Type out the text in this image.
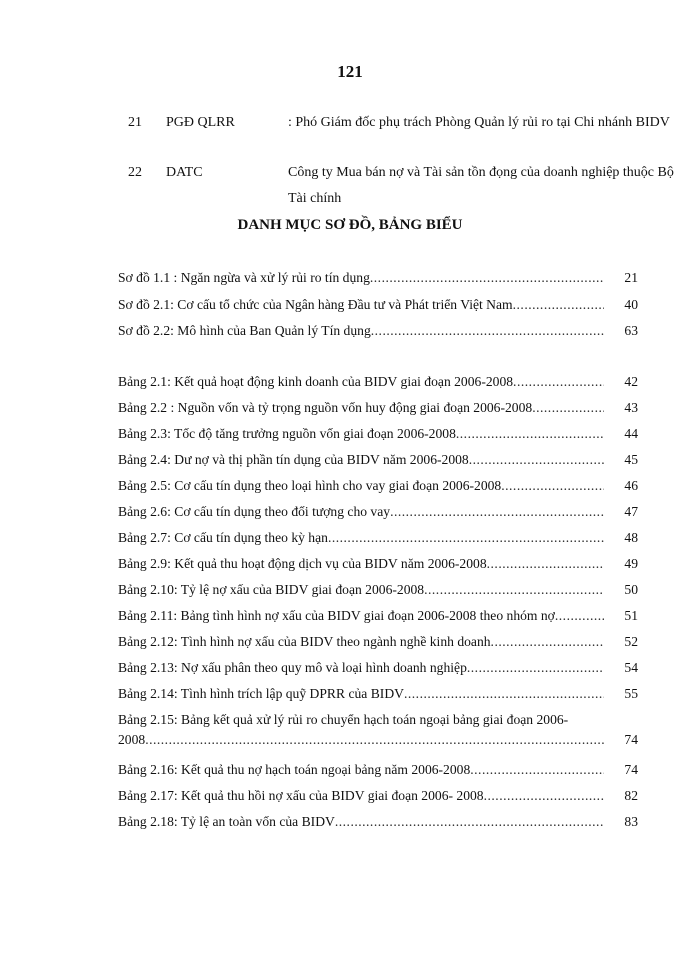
121
21 PGĐ QLRR	: Phó Giám đốc phụ trách Phòng Quản lý rủi ro tại Chi nhánh BIDV
22 DATC	Công ty Mua bán nợ và Tài sản tồn đọng của doanh nghiệp thuộc Bộ Tài chính
DANH MỤC SƠ ĐỒ, BẢNG BIỂU
Sơ đồ 1.1 : Ngăn ngừa và xử lý rủi ro tín dụng .....	21
Sơ đồ 2.1: Cơ cấu tổ chức của Ngân hàng Đầu tư và Phát triển Việt Nam .....	40
Sơ đồ 2.2: Mô hình của Ban Quản lý Tín dụng .....	63
Bảng 2.1: Kết quả hoạt động kinh doanh của BIDV giai đoạn 2006-2008 .....	42
Bảng 2.2 : Nguồn vốn và tỷ trọng nguồn vốn huy động giai đoạn 2006-2008 .....	43
Bảng 2.3: Tốc độ tăng trưởng nguồn vốn giai đoạn 2006-2008 .....	44
Bảng 2.4: Dư nợ và thị phần tín dụng của BIDV năm 2006-2008 .....	45
Bảng 2.5: Cơ cấu tín dụng theo loại hình cho vay giai đoạn 2006-2008 .....	46
Bảng 2.6: Cơ cấu tín dụng theo đối tượng cho vay .....	47
Bảng 2.7: Cơ cấu tín dụng theo kỳ hạn .....	48
Bảng 2.9: Kết quả thu hoạt động dịch vụ của BIDV năm 2006-2008 .....	49
Bảng 2.10: Tỷ lệ nợ xấu của BIDV giai đoạn 2006-2008 .....	50
Bảng 2.11: Bảng tình hình nợ xấu của BIDV giai đoạn 2006-2008 theo nhóm nợ .....	51
Bảng 2.12: Tình hình nợ xấu của BIDV theo ngành nghề kinh doanh .....	52
Bảng 2.13: Nợ xấu phân theo quy mô và loại hình doanh nghiệp .....	54
Bảng 2.14: Tình hình trích lập quỹ DPRR của BIDV .....	55
Bảng 2.15: Bảng kết quả xử lý rủi ro chuyển hạch toán ngoại bảng giai đoạn 2006-
2008 .....	74
Bảng 2.16: Kết quả thu nợ hạch toán ngoại bảng năm 2006-2008 .....	74
Bảng 2.17: Kết quả thu hồi nợ xấu của BIDV giai đoạn 2006- 2008 .....	82
Bảng 2.18: Tỷ lệ an toàn vốn của BIDV .....	83
